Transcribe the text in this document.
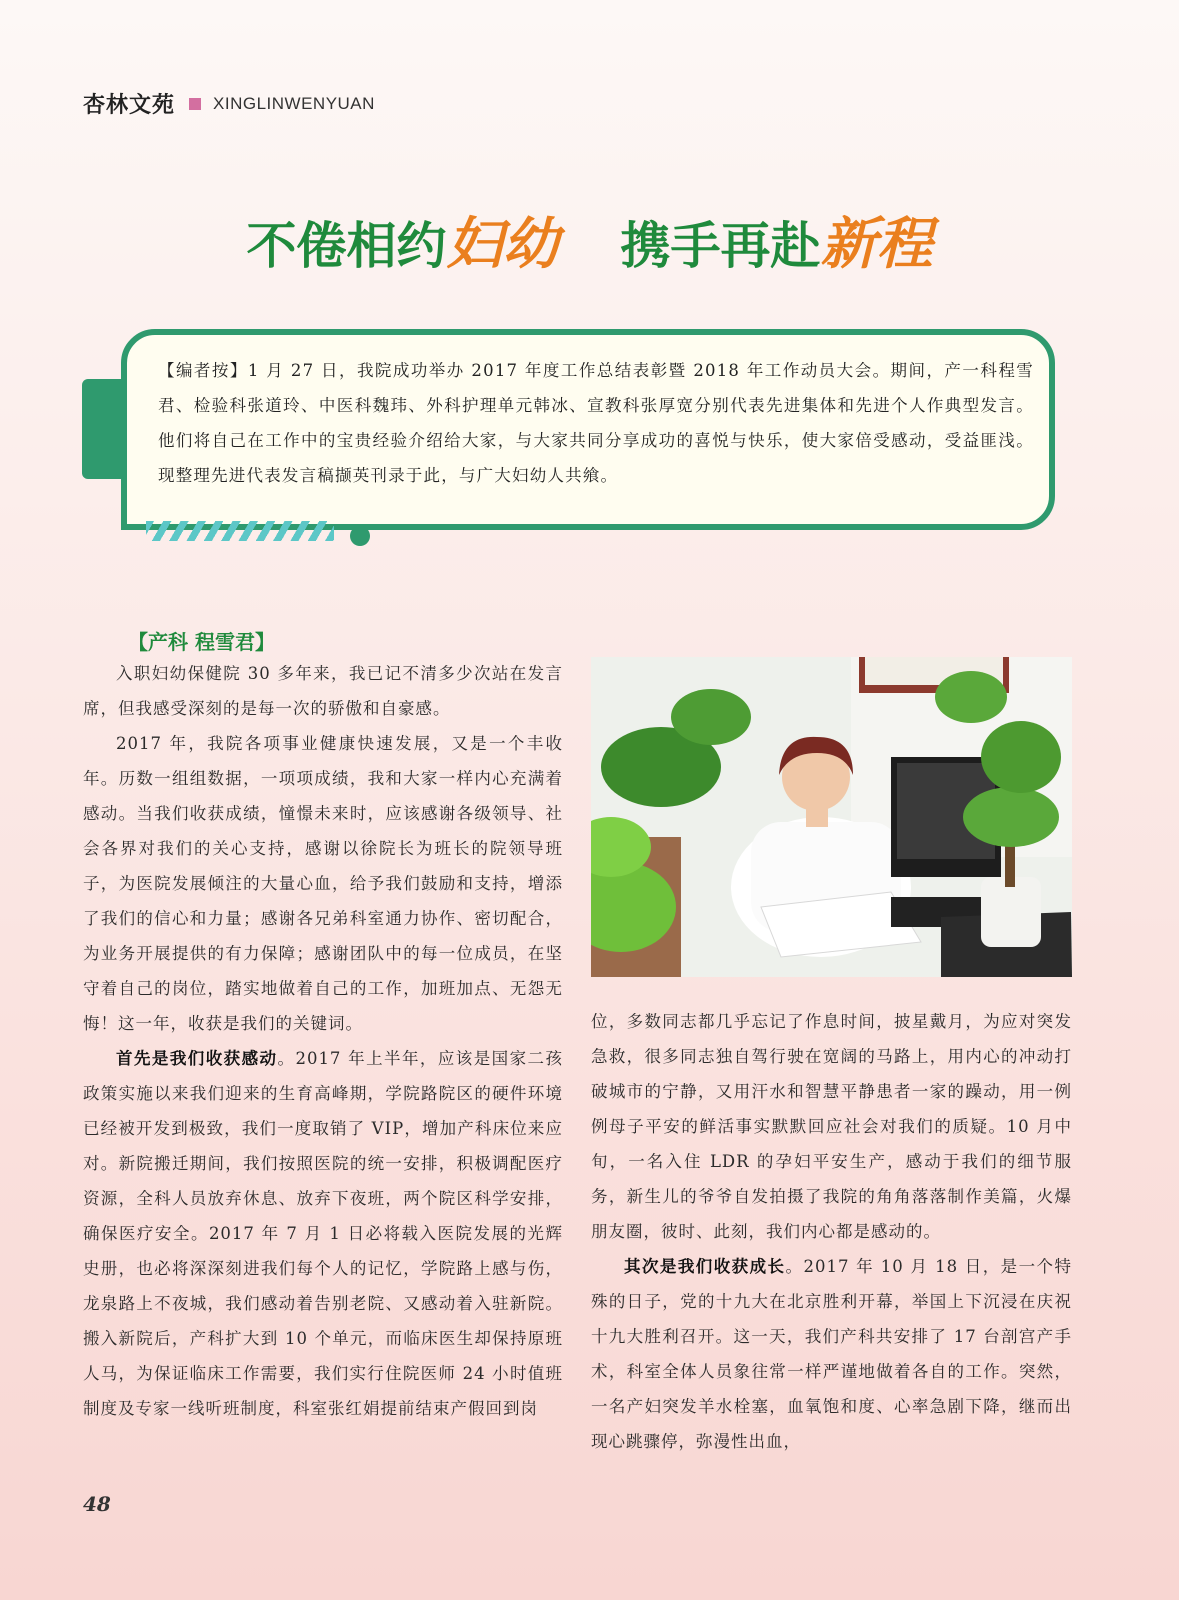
杏林文苑 XINGLINWENYUAN
不倦相约妇幼 携手再赴新程

【编者按】1 月 27 日，我院成功举办 2017 年度工作总结表彰暨 2018 年工作动员大会。期间，产一科程雪君、检验科张道玲、中医科魏玮、外科护理单元韩冰、宣教科张厚宽分别代表先进集体和先进个人作典型发言。他们将自己在工作中的宝贵经验介绍给大家，与大家共同分享成功的喜悦与快乐，使大家倍受感动，受益匪浅。现整理先进代表发言稿撷英刊录于此，与广大妇幼人共飨。

【产科 程雪君】

入职妇幼保健院 30 多年来，我已记不清多少次站在发言席，但我感受深刻的是每一次的骄傲和自豪感。

2017 年，我院各项事业健康快速发展，又是一个丰收年。历数一组组数据，一项项成绩，我和大家一样内心充满着感动。当我们收获成绩，憧憬未来时，应该感谢各级领导、社会各界对我们的关心支持，感谢以徐院长为班长的院领导班子，为医院发展倾注的大量心血，给予我们鼓励和支持，增添了我们的信心和力量；感谢各兄弟科室通力协作、密切配合，为业务开展提供的有力保障；感谢团队中的每一位成员，在坚守着自己的岗位，踏实地做着自己的工作，加班加点、无怨无悔！这一年，收获是我们的关键词。

首先是我们收获感动。2017 年上半年，应该是国家二孩政策实施以来我们迎来的生育高峰期，学院路院区的硬件环境已经被开发到极致，我们一度取销了 VIP，增加产科床位来应对。新院搬迁期间，我们按照医院的统一安排，积极调配医疗资源，全科人员放弃休息、放弃下夜班，两个院区科学安排，确保医疗安全。2017 年 7 月 1 日必将载入医院发展的光辉史册，也必将深深刻进我们每个人的记忆，学院路上感与伤，龙泉路上不夜城，我们感动着告别老院、又感动着入驻新院。搬入新院后，产科扩大到 10 个单元，而临床医生却保持原班人马，为保证临床工作需要，我们实行住院医师 24 小时值班制度及专家一线听班制度，科室张红娟提前结束产假回到岗

位，多数同志都几乎忘记了作息时间，披星戴月，为应对突发急救，很多同志独自驾行驶在宽阔的马路上，用内心的冲动打破城市的宁静，又用汗水和智慧平静患者一家的躁动，用一例例母子平安的鲜活事实默默回应社会对我们的质疑。10 月中旬，一名入住 LDR 的孕妇平安生产，感动于我们的细节服务，新生儿的爷爷自发拍摄了我院的角角落落制作美篇，火爆朋友圈，彼时、此刻，我们内心都是感动的。

其次是我们收获成长。2017 年 10 月 18 日，是一个特殊的日子，党的十九大在北京胜利开幕，举国上下沉浸在庆祝十九大胜利召开。这一天，我们产科共安排了 17 台剖宫产手术，科室全体人员象往常一样严谨地做着各自的工作。突然，一名产妇突发羊水栓塞，血氧饱和度、心率急剧下降，继而出现心跳骤停，弥漫性出血，

48
